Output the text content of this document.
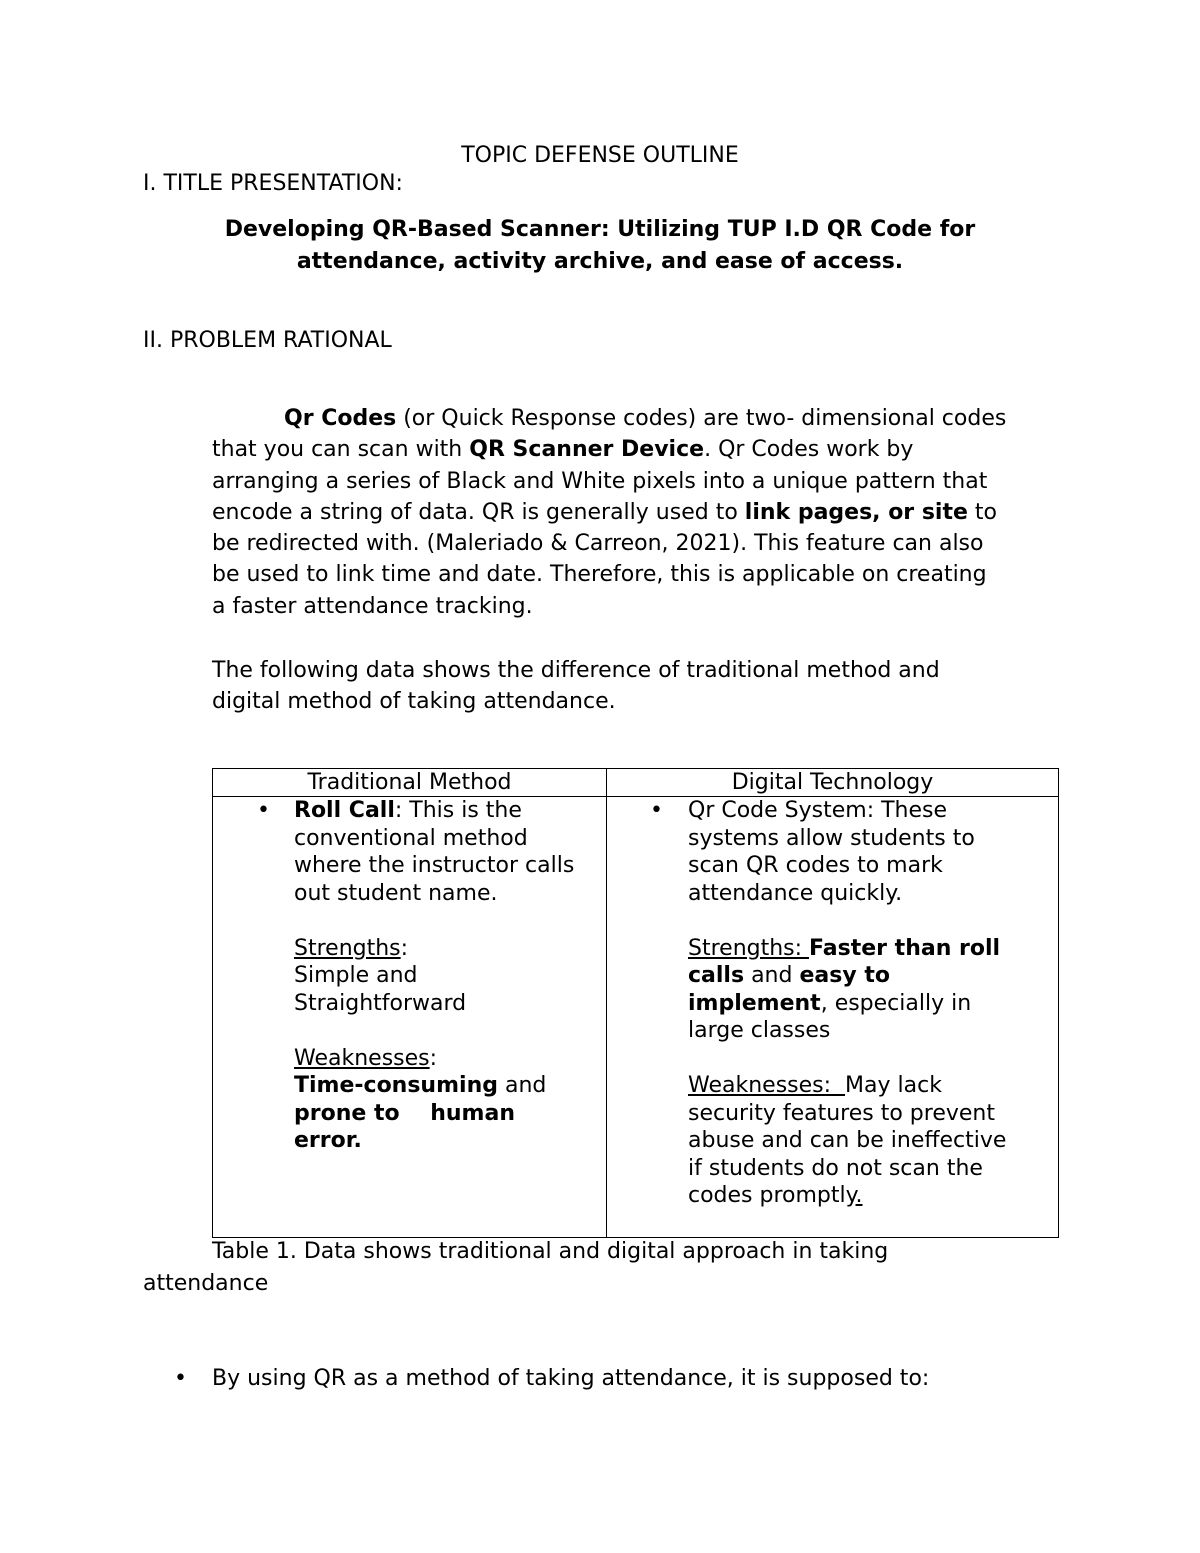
TOPIC DEFENSE OUTLINE
I. TITLE PRESENTATION:
Developing QR-Based Scanner: Utilizing TUP I.D QR Code for
attendance, activity archive, and ease of access.
II. PROBLEM RATIONAL
Qr Codes (or Quick Response codes) are two- dimensional codes
that you can scan with QR Scanner Device. Qr Codes work by
arranging a series of Black and White pixels into a unique pattern that
encode a string of data. QR is generally used to link pages, or site to
be redirected with. (Maleriado & Carreon, 2021). This feature can also
be used to link time and date. Therefore, this is applicable on creating
a faster attendance tracking.
The following data shows the difference of traditional method and
digital method of taking attendance.
Traditional Method	Digital Technology
• Roll Call: This is the

conventional method

where the instructor calls

out student name.

Strengths:

Simple and

Straightforward

Weaknesses:

Time-consuming and

prone to    human

error.

• Qr Code System: These

systems allow students to

scan QR codes to mark

attendance quickly.

Strengths: Faster than roll

calls and easy to

implement, especially in

large classes

Weaknesses:  May lack

security features to prevent

abuse and can be ineffective

if students do not scan the

codes promptly.

Table 1. Data shows traditional and digital approach in taking
attendance
• By using QR as a method of taking attendance, it is supposed to:
